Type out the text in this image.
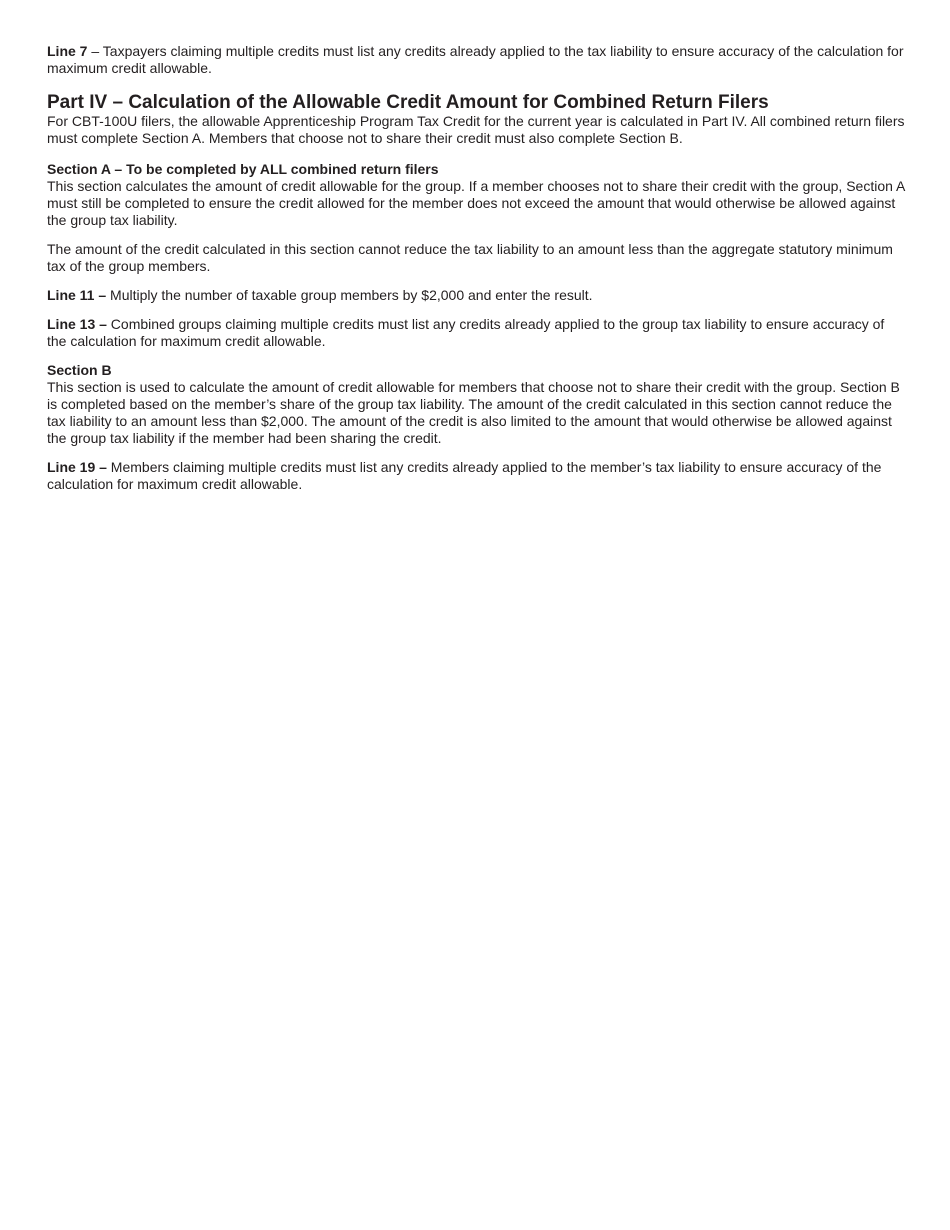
Line 7 – Taxpayers claiming multiple credits must list any credits already applied to the tax liability to ensure accuracy of the calculation for maximum credit allowable.

Part IV – Calculation of the Allowable Credit Amount for Combined Return Filers

For CBT-100U filers, the allowable Apprenticeship Program Tax Credit for the current year is calculated in Part IV. All combined return filers must complete Section A. Members that choose not to share their credit must also complete Section B.

Section A – To be completed by ALL combined return filers

This section calculates the amount of credit allowable for the group. If a member chooses not to share their credit with the group, Section A must still be completed to ensure the credit allowed for the member does not exceed the amount that would otherwise be allowed against the group tax liability.

The amount of the credit calculated in this section cannot reduce the tax liability to an amount less than the aggregate statutory minimum tax of the group members.

Line 11 – Multiply the number of taxable group members by $2,000 and enter the result.

Line 13 – Combined groups claiming multiple credits must list any credits already applied to the group tax liability to ensure accuracy of the calculation for maximum credit allowable.

Section B

This section is used to calculate the amount of credit allowable for members that choose not to share their credit with the group. Section B is completed based on the member’s share of the group tax liability. The amount of the credit calculated in this section cannot reduce the tax liability to an amount less than $2,000. The amount of the credit is also limited to the amount that would otherwise be allowed against the group tax liability if the member had been sharing the credit.

Line 19 – Members claiming multiple credits must list any credits already applied to the member’s tax liability to ensure accuracy of the calculation for maximum credit allowable.
